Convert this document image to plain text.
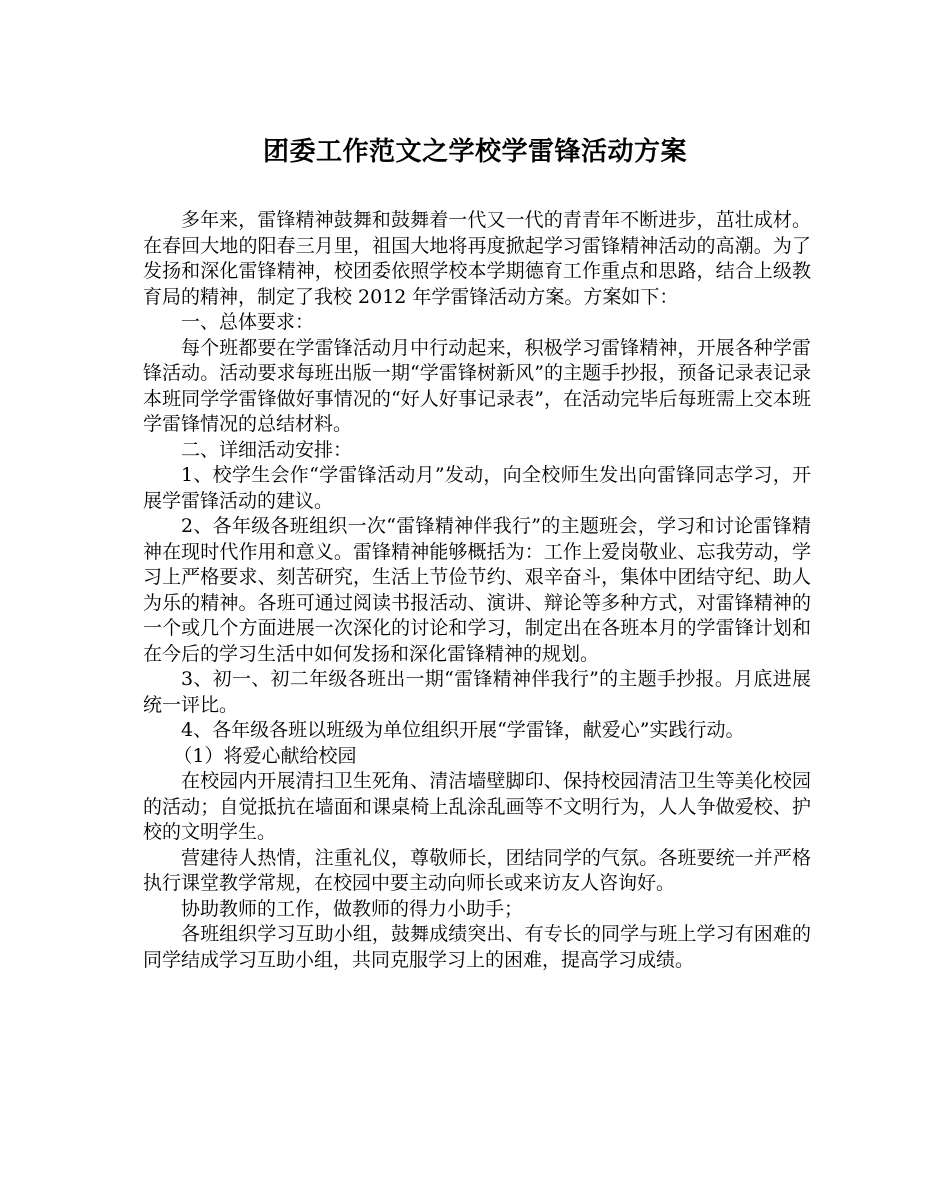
团委工作范文之学校学雷锋活动方案

多年来，雷锋精神鼓舞和鼓舞着一代又一代的青青年不断进步，茁壮成材。在春回大地的阳春三月里，祖国大地将再度掀起学习雷锋精神活动的高潮。为了发扬和深化雷锋精神，校团委依照学校本学期德育工作重点和思路，结合上级教育局的精神，制定了我校 2012 年学雷锋活动方案。方案如下：

一、总体要求：

每个班都要在学雷锋活动月中行动起来，积极学习雷锋精神，开展各种学雷锋活动。活动要求每班出版一期“学雷锋树新风”的主题手抄报，预备记录表记录本班同学学雷锋做好事情况的“好人好事记录表”，在活动完毕后每班需上交本班学雷锋情况的总结材料。

二、详细活动安排：

1、校学生会作“学雷锋活动月”发动，向全校师生发出向雷锋同志学习，开展学雷锋活动的建议。

2、各年级各班组织一次“雷锋精神伴我行”的主题班会，学习和讨论雷锋精神在现时代作用和意义。雷锋精神能够概括为：工作上爱岗敬业、忘我劳动，学习上严格要求、刻苦研究，生活上节俭节约、艰辛奋斗，集体中团结守纪、助人为乐的精神。各班可通过阅读书报活动、演讲、辩论等多种方式，对雷锋精神的一个或几个方面进展一次深化的讨论和学习，制定出在各班本月的学雷锋计划和在今后的学习生活中如何发扬和深化雷锋精神的规划。

3、初一、初二年级各班出一期“雷锋精神伴我行”的主题手抄报。月底进展统一评比。

4、各年级各班以班级为单位组织开展“学雷锋，献爱心”实践行动。

（1）将爱心献给校园

在校园内开展清扫卫生死角、清洁墙壁脚印、保持校园清洁卫生等美化校园的活动；自觉抵抗在墙面和课桌椅上乱涂乱画等不文明行为，人人争做爱校、护校的文明学生。

营建待人热情，注重礼仪，尊敬师长，团结同学的气氛。各班要统一并严格执行课堂教学常规，在校园中要主动向师长或来访友人咨询好。

协助教师的工作，做教师的得力小助手；

各班组织学习互助小组，鼓舞成绩突出、有专长的同学与班上学习有困难的同学结成学习互助小组，共同克服学习上的困难，提高学习成绩。
